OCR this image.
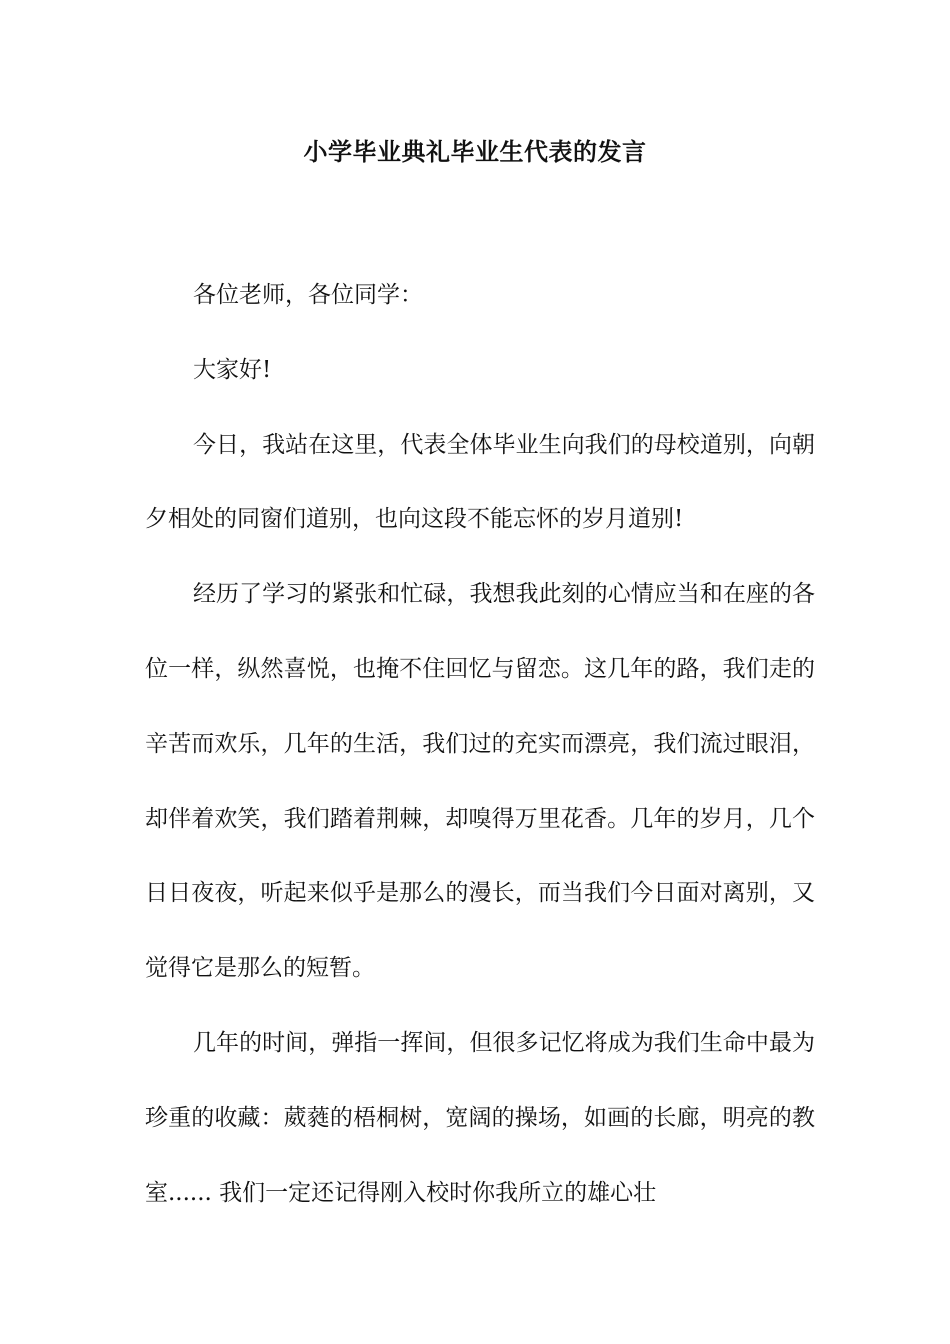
小学毕业典礼毕业生代表的发言

各位老师，各位同学：

大家好!

今日，我站在这里，代表全体毕业生向我们的母校道别，向朝夕相处的同窗们道别，也向这段不能忘怀的岁月道别!

经历了学习的紧张和忙碌，我想我此刻的心情应当和在座的各位一样，纵然喜悦，也掩不住回忆与留恋。这几年的路，我们走的辛苦而欢乐，几年的生活，我们过的充实而漂亮，我们流过眼泪，却伴着欢笑，我们踏着荆棘，却嗅得万里花香。几年的岁月，几个日日夜夜，听起来似乎是那么的漫长，而当我们今日面对离别，又觉得它是那么的短暂。

几年的时间，弹指一挥间，但很多记忆将成为我们生命中最为珍重的收藏：葳蕤的梧桐树，宽阔的操场，如画的长廊，明亮的教室...... 我们一定还记得刚入校时你我所立的雄心壮
